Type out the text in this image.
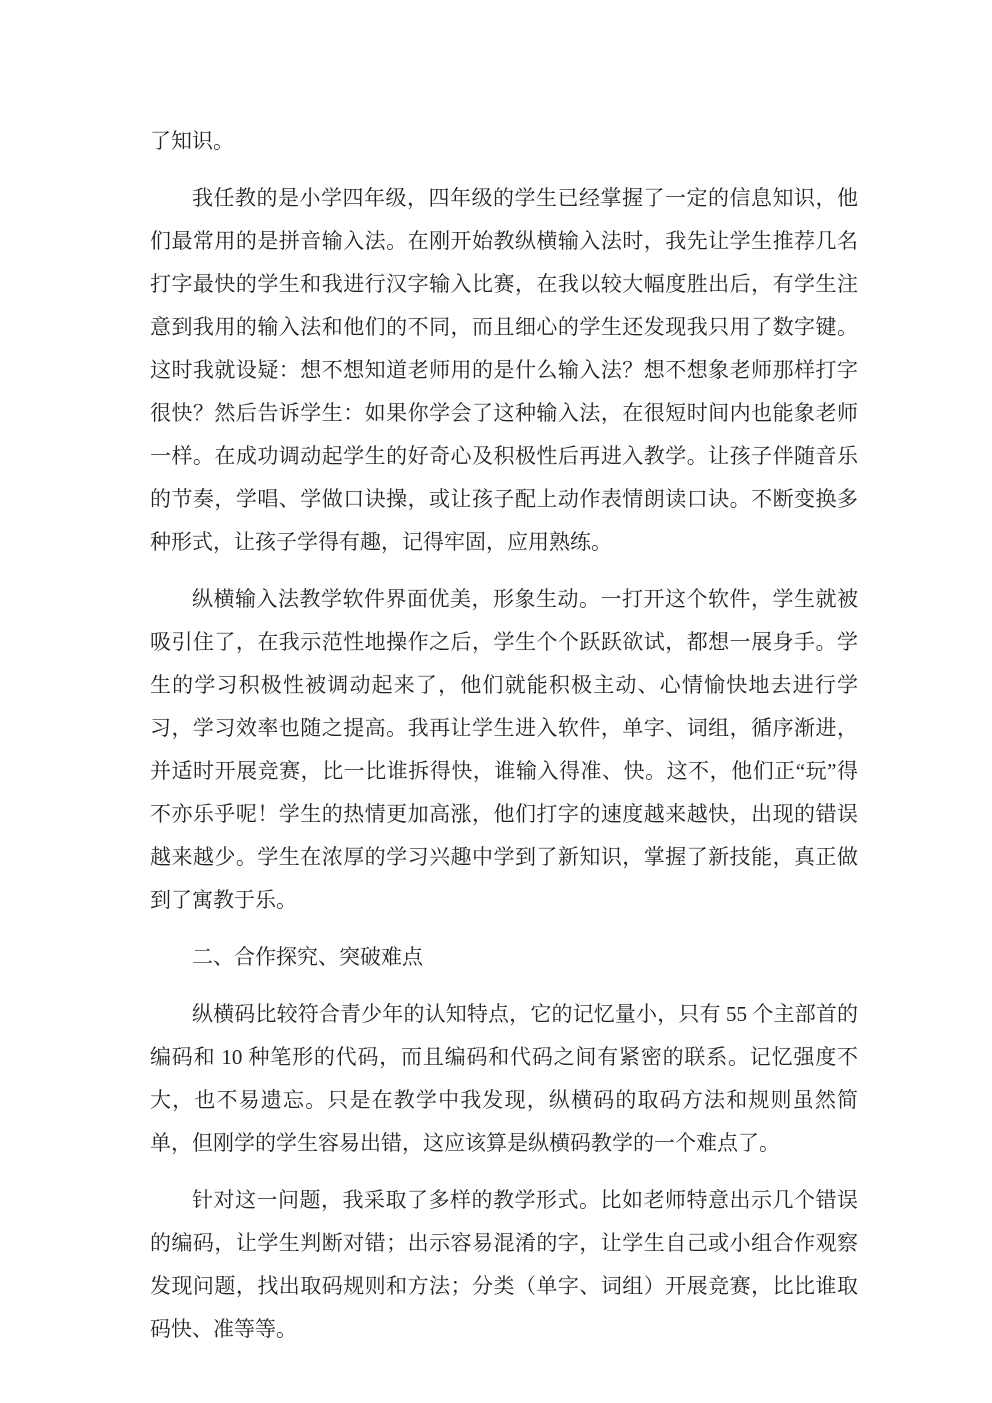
了知识。

我任教的是小学四年级，四年级的学生已经掌握了一定的信息知识，他们最常用的是拼音输入法。在刚开始教纵横输入法时，我先让学生推荐几名打字最快的学生和我进行汉字输入比赛，在我以较大幅度胜出后，有学生注意到我用的输入法和他们的不同，而且细心的学生还发现我只用了数字键。这时我就设疑：想不想知道老师用的是什么输入法？想不想象老师那样打字很快？然后告诉学生：如果你学会了这种输入法，在很短时间内也能象老师一样。在成功调动起学生的好奇心及积极性后再进入教学。让孩子伴随音乐的节奏，学唱、学做口诀操，或让孩子配上动作表情朗读口诀。不断变换多种形式，让孩子学得有趣，记得牢固，应用熟练。

纵横输入法教学软件界面优美，形象生动。一打开这个软件，学生就被吸引住了，在我示范性地操作之后，学生个个跃跃欲试，都想一展身手。学生的学习积极性被调动起来了，他们就能积极主动、心情愉快地去进行学习，学习效率也随之提高。我再让学生进入软件，单字、词组，循序渐进，并适时开展竞赛，比一比谁拆得快，谁输入得准、快。这不，他们正“玩”得不亦乐乎呢！学生的热情更加高涨，他们打字的速度越来越快，出现的错误越来越少。学生在浓厚的学习兴趣中学到了新知识，掌握了新技能，真正做到了寓教于乐。

二、合作探究、突破难点

纵横码比较符合青少年的认知特点，它的记忆量小，只有 55 个主部首的编码和 10 种笔形的代码，而且编码和代码之间有紧密的联系。记忆强度不大，也不易遗忘。只是在教学中我发现，纵横码的取码方法和规则虽然简单，但刚学的学生容易出错，这应该算是纵横码教学的一个难点了。

针对这一问题，我采取了多样的教学形式。比如老师特意出示几个错误的编码，让学生判断对错；出示容易混淆的字，让学生自己或小组合作观察发现问题，找出取码规则和方法；分类（单字、词组）开展竞赛，比比谁取码快、准等等。
